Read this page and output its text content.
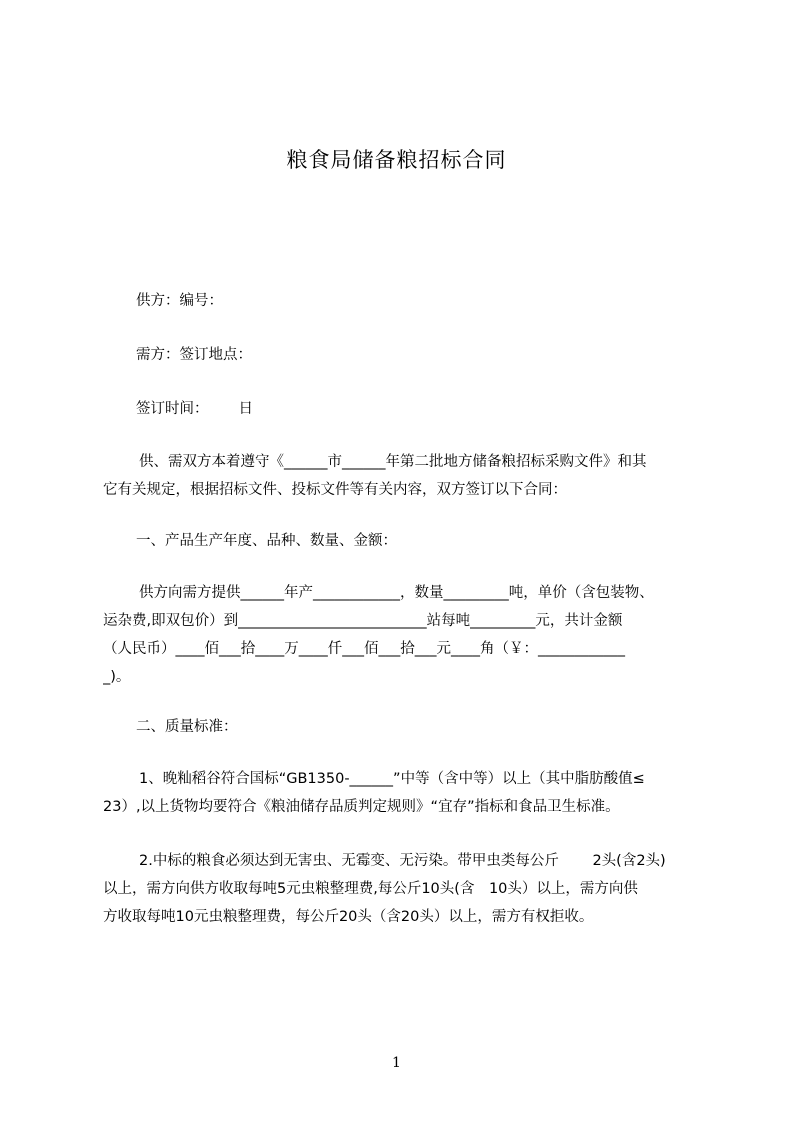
粮食局储备粮招标合同

供方：编号：

需方：签订地点：

签订时间： 日

供、需双方本着遵守《______市______年第二批地方储备粮招标采购文件》和其
它有关规定，根据招标文件、投标文件等有关内容，双方签订以下合同：

一、产品生产年度、品种、数量、金额：

供方向需方提供______年产____________，数量_________吨，单价（含包装物、
运杂费,即双包价）到__________________________站每吨_________元，共计金额
（人民币）____佰___拾____万____仟___佰___拾___元____角（￥：____________
_)。

二、质量标准：

1、晚籼稻谷符合国标“GB1350-______”中等（含中等）以上（其中脂肪酸值≤
23）,以上货物均要符合《粮油储存品质判定规则》“宜存”指标和食品卫生标准。
2.中标的粮食必须达到无害虫、无霉变、无污染。带甲虫类每公斤　　 2头(含2头)
以上，需方向供方收取每吨5元虫粮整理费,每公斤10头(含　10头）以上，需方向供
方收取每吨10元虫粮整理费，每公斤20头（含20头）以上，需方有权拒收。
1
